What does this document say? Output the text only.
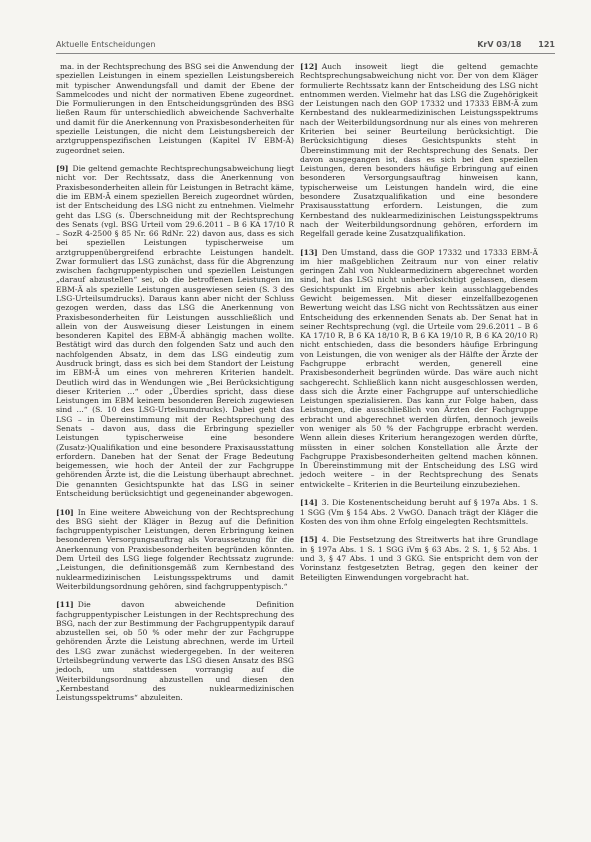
Aktuelle Entscheidungen	KrV 03/18 121

ma. in der Rechtsprechung des BSG sei die Anwendung der speziellen Leistungen in einem speziellen Leistungsbereich mit typischer Anwendungsfall und damit der Ebene der Sammelcodes und nicht der normativen Ebene zugeordnet. Die Formulierungen in den Entscheidungsgründen des BSG ließen Raum für unterschiedlich abweichende Sachverhalte und damit für die Anerkennung von Praxisbesonderheiten für spezielle Leistungen, die nicht dem Leistungsbereich der arztgruppenspezifischen Leistungen (Kapitel IV EBM-Ä) zugeordnet seien.

[9] Die geltend gemachte Rechtsprechungsabweichung liegt nicht vor. Der Rechtssatz, dass die Anerkennung von Praxisbesonderheiten allein für Leistungen in Betracht käme, die im EBM-Ä einem speziellen Bereich zugeordnet würden, ist der Entscheidung des LSG nicht zu entnehmen. Vielmehr geht das LSG (s. Überschneidung mit der Rechtsprechung des Senats (vgl. BSG Urteil vom 29.6.2011 – B 6 KA 17/10 R – SozR 4-2500 § 85 Nr. 66 RdNr. 22) davon aus, dass es sich bei speziellen Leistungen typischerweise um arztgruppenübergreifend erbrachte Leistungen handelt. Zwar formuliert das LSG zunächst, dass für die Abgrenzung zwischen fachgruppentypischen und speziellen Leistungen „darauf abzustellen“ sei, ob die betroffenen Leistungen im EBM-Ä als spezielle Leistungen ausgewiesen seien (S. 3 des LSG-Urteilsumdrucks). Daraus kann aber nicht der Schluss gezogen werden, dass das LSG die Anerkennung von Praxisbesonderheiten für Leistungen ausschließlich und allein von der Ausweisung dieser Leistungen in einem besonderen Kapitel des EBM-Ä abhängig machen wollte. Bestätigt wird das durch den folgenden Satz und auch den nachfolgenden Absatz, in dem das LSG eindeutig zum Ausdruck bringt, dass es sich bei dem Standort der Leistung im EBM-Ä um eines von mehreren Kriterien handelt. Deutlich wird das in Wendungen wie „Bei Berücksichtigung dieser Kriterien ...“ oder „Überdies spricht, dass diese Leistungen im EBM keinem besonderen Bereich zugewiesen sind ...“ (S. 10 des LSG-Urteilsumdrucks). Dabei geht das LSG – in Übereinstimmung mit der Rechtsprechung des Senats – davon aus, dass die Erbringung spezieller Leistungen typischerweise eine besondere (Zusatz-)Qualifikation und eine besondere Praxisausstattung erfordern. Daneben hat der Senat der Frage Bedeutung beigemessen, wie hoch der Anteil der zur Fachgruppe gehörenden Ärzte ist, die die Leistung überhaupt abrechnet. Die genannten Gesichtspunkte hat das LSG in seiner Entscheidung berücksichtigt und gegeneinander abgewogen.

[10] In Eine weitere Abweichung von der Rechtsprechung des BSG sieht der Kläger in Bezug auf die Definition fachgruppentypischer Leistungen, deren Erbringung keinen besonderen Versorgungsauftrag als Voraussetzung für die Anerkennung von Praxisbesonderheiten begründen könnten. Dem Urteil des LSG liege folgender Rechtssatz zugrunde: „Leistungen, die definitionsgemäß zum Kernbestand des nuklearmedizinischen Leistungsspektrums und damit Weiterbildungsordnung gehören, sind fachgruppentypisch.“

[11] Die davon abweichende Definition fachgruppentypischer Leistungen in der Rechtsprechung des BSG, nach der zur Bestimmung der Fachgruppentypik darauf abzustellen sei, ob 50 % oder mehr der zur Fachgruppe gehörenden Ärzte die Leistung abrechnen, werde im Urteil des LSG zwar zunächst wiedergegeben. In der weiteren Urteilsbegründung verwerte das LSG diesen Ansatz des BSG jedoch, um stattdessen vorrangig auf die Weiterbildungsordnung abzustellen und diesen den „Kernbestand des nuklearmedizinischen Leistungsspektrums“ abzuleiten.

[12] Auch insoweit liegt die geltend gemachte Rechtsprechungsabweichung nicht vor. Der von dem Kläger formulierte Rechtssatz kann der Entscheidung des LSG nicht entnommen werden. Vielmehr hat das LSG die Zugehörigkeit der Leistungen nach den GOP 17332 und 17333 EBM-Ä zum Kernbestand des nuklearmedizinischen Leistungsspektrums nach der Weiterbildungsordnung nur als eines von mehreren Kriterien bei seiner Beurteilung berücksichtigt. Die Berücksichtigung dieses Gesichtspunkts steht in Übereinstimmung mit der Rechtsprechung des Senats. Der davon ausgegangen ist, dass es sich bei den speziellen Leistungen, deren besonders häufige Erbringung auf einen besonderen Versorgungsauftrag hinweisen kann, typischerweise um Leistungen handeln wird, die eine besondere Zusatzqualifikation und eine besondere Praxisausstattung erfordern. Leistungen, die zum Kernbestand des nuklearmedizinischen Leistungsspektrums nach der Weiterbildungsordnung gehören, erfordern im Regelfall gerade keine Zusatzqualifikation.

[13] Den Umstand, dass die GOP 17332 und 17333 EBM-Ä im hier maßgeblichen Zeitraum nur von einer relativ geringen Zahl von Nuklearmedizinern abgerechnet worden sind, hat das LSG nicht unberücksichtigt gelassen, diesem Gesichtspunkt im Ergebnis aber kein ausschlaggebendes Gewicht beigemessen. Mit dieser einzelfallbezogenen Bewertung weicht das LSG nicht von Rechtssätzen aus einer Entscheidung des erkennenden Senats ab. Der Senat hat in seiner Rechtsprechung (vgl. die Urteile vom 29.6.2011 – B 6 KA 17/10 R, B 6 KA 18/10 R, B 6 KA 19/10 R, B 6 KA 20/10 R) nicht entschieden, dass die besonders häufige Erbringung von Leistungen, die von weniger als der Hälfte der Ärzte der Fachgruppe erbracht werden, generell eine Praxisbesonderheit begründen würde. Das wäre auch nicht sachgerecht. Schließlich kann nicht ausgeschlossen werden, dass sich die Ärzte einer Fachgruppe auf unterschiedliche Leistungen spezialisieren. Das kann zur Folge haben, dass Leistungen, die ausschließlich von Ärzten der Fachgruppe erbracht und abgerechnet werden dürfen, dennoch jeweils von weniger als 50 % der Fachgruppe erbracht werden. Wenn allein dieses Kriterium herangezogen werden dürfte, müssten in einer solchen Konstellation alle Ärzte der Fachgruppe Praxisbesonderheiten geltend machen können. In Übereinstimmung mit der Entscheidung des LSG wird jedoch weitere – in der Rechtsprechung des Senats entwickelte – Kriterien in die Beurteilung einzubeziehen.

[14] 3. Die Kostenentscheidung beruht auf § 197a Abs. 1 S. 1 SGG (Vm § 154 Abs. 2 VwGO. Danach trägt der Kläger die Kosten des von ihm ohne Erfolg eingelegten Rechtsmittels.

[15] 4. Die Festsetzung des Streitwerts hat ihre Grundlage in § 197a Abs. 1 S. 1 SGG iVm § 63 Abs. 2 S. 1, § 52 Abs. 1 und 3, § 47 Abs. 1 und 3 GKG. Sie entspricht dem von der Vorinstanz festgesetzten Betrag, gegen den keiner der Beteiligten Einwendungen vorgebracht hat.
